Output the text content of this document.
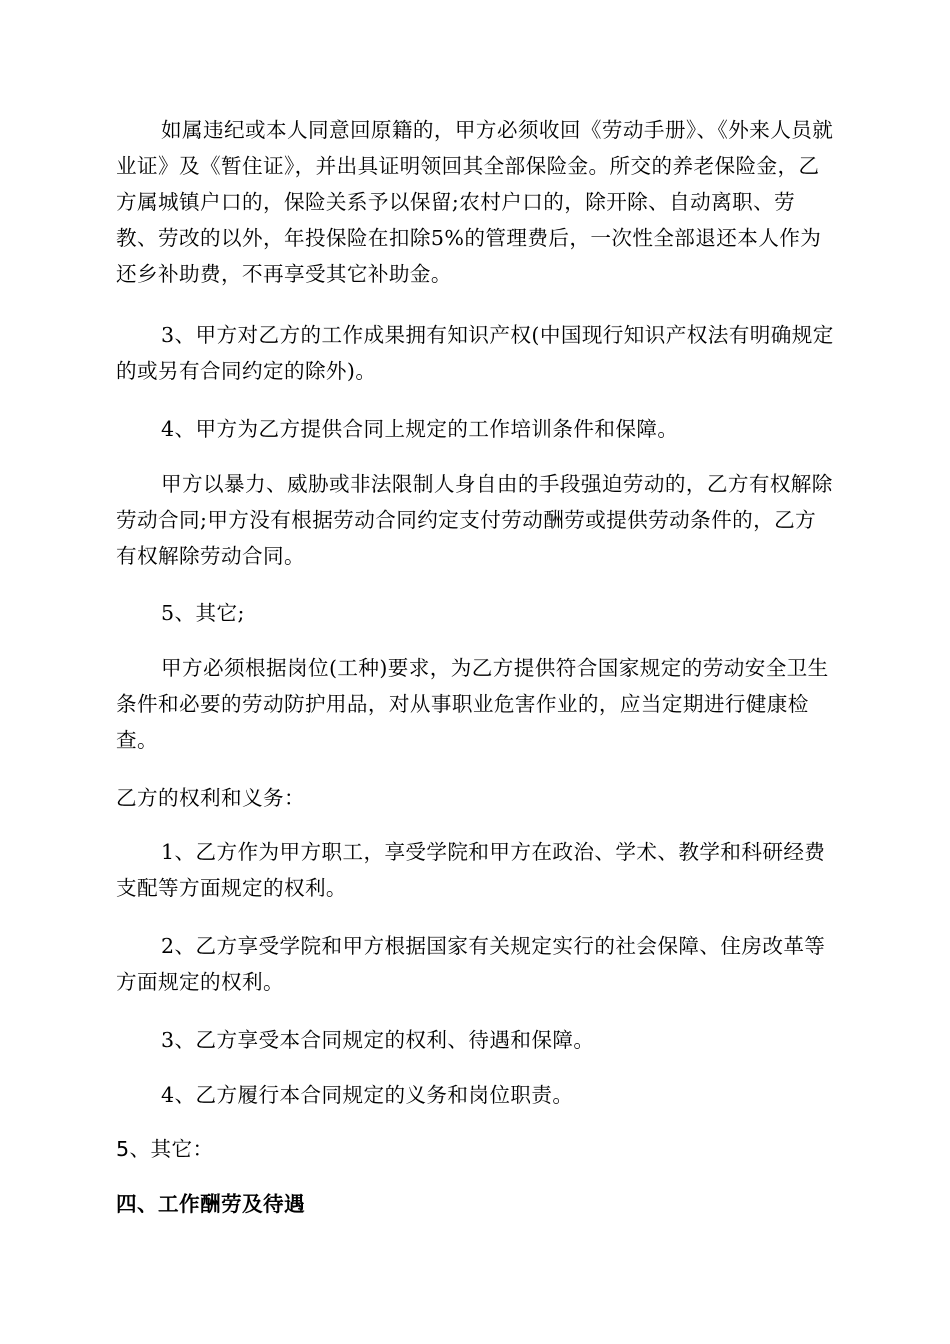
如属违纪或本人同意回原籍的，甲方必须收回《劳动手册》、《外来人员就业证》及《暂住证》，并出具证明领回其全部保险金。所交的养老保险金，乙方属城镇户口的，保险关系予以保留;农村户口的，除开除、自动离职、劳教、劳改的以外，年投保险在扣除5%的管理费后，一次性全部退还本人作为还乡补助费，不再享受其它补助金。

3、甲方对乙方的工作成果拥有知识产权(中国现行知识产权法有明确规定的或另有合同约定的除外)。

4、甲方为乙方提供合同上规定的工作培训条件和保障。

甲方以暴力、威胁或非法限制人身自由的手段强迫劳动的，乙方有权解除劳动合同;甲方没有根据劳动合同约定支付劳动酬劳或提供劳动条件的，乙方有权解除劳动合同。

5、其它;

甲方必须根据岗位(工种)要求，为乙方提供符合国家规定的劳动安全卫生条件和必要的劳动防护用品，对从事职业危害作业的，应当定期进行健康检查。

乙方的权利和义务：

1、乙方作为甲方职工，享受学院和甲方在政治、学术、教学和科研经费支配等方面规定的权利。

2、乙方享受学院和甲方根据国家有关规定实行的社会保障、住房改革等方面规定的权利。

3、乙方享受本合同规定的权利、待遇和保障。

4、乙方履行本合同规定的义务和岗位职责。

5、其它：

四、工作酬劳及待遇
